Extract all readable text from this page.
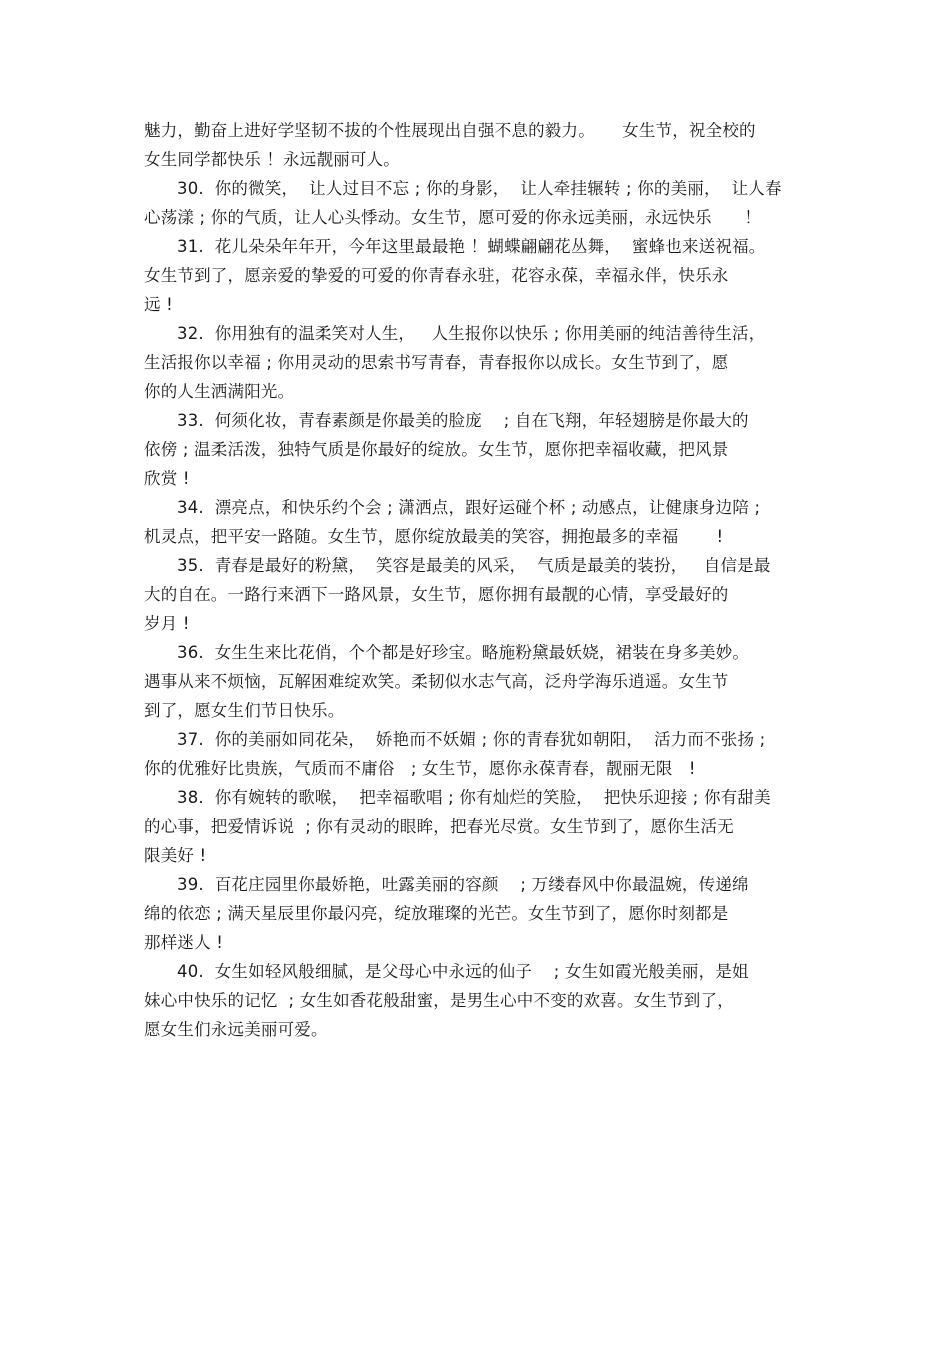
魅力，勤奋上进好学坚韧不拔的个性展现出自强不息的毅力。     女生节，祝全校的
女生同学都快乐 ！永远靓丽可人。
30.  你的微笑，  让人过目不忘 ; 你的身影，  让人牵挂辗转 ; 你的美丽，  让人春
心荡漾 ; 你的气质，让人心头悸动。女生节，愿可爱的你永远美丽，永远快乐      ！
31.  花儿朵朵年年开，今年这里最最艳 ！蝴蝶翩翩花丛舞，  蜜蜂也来送祝福。
女生节到了，愿亲爱的挚爱的可爱的你青春永驻，花容永葆，幸福永伴，快乐永
远 !
32.  你用独有的温柔笑对人生，   人生报你以快乐 ; 你用美丽的纯洁善待生活，
生活报你以幸福 ; 你用灵动的思索书写青春，青春报你以成长。女生节到了，愿
你的人生洒满阳光。
33.  何须化妆，青春素颜是你最美的脸庞    ; 自在飞翔，年轻翅膀是你最大的
依傍 ; 温柔活泼，独特气质是你最好的绽放。女生节，愿你把幸福收藏，把风景
欣赏 !
34.  漂亮点，和快乐约个会 ; 潇洒点，跟好运碰个杯 ; 动感点，让健康身边陪 ;
机灵点，把平安一路随。女生节，愿你绽放最美的笑容，拥抱最多的幸福       !
35.  青春是最好的粉黛，  笑容是最美的风采，  气质是最美的装扮，   自信是最
大的自在。一路行来洒下一路风景，女生节，愿你拥有最靓的心情，享受最好的
岁月 !
36.  女生生来比花俏，个个都是好珍宝。略施粉黛最妖娆，裙装在身多美妙。
遇事从来不烦恼，瓦解困难绽欢笑。柔韧似水志气高，泛舟学海乐逍遥。女生节
到了，愿女生们节日快乐。
37.  你的美丽如同花朵，  娇艳而不妖媚 ; 你的青春犹如朝阳，  活力而不张扬 ;
你的优雅好比贵族，气质而不庸俗   ; 女生节，愿你永葆青春，靓丽无限   !
38.  你有婉转的歌喉，  把幸福歌唱 ; 你有灿烂的笑脸，  把快乐迎接 ; 你有甜美
的心事，把爱情诉说  ; 你有灵动的眼眸，把春光尽赏。女生节到了，愿你生活无
限美好 !
39.  百花庄园里你最娇艳，吐露美丽的容颜    ; 万缕春风中你最温婉，传递绵
绵的依恋 ; 满天星辰里你最闪亮，绽放璀璨的光芒。女生节到了，愿你时刻都是
那样迷人 !
40.  女生如轻风般细腻，是父母心中永远的仙子    ; 女生如霞光般美丽，是姐
妹心中快乐的记忆  ; 女生如香花般甜蜜，是男生心中不变的欢喜。女生节到了，
愿女生们永远美丽可爱。
